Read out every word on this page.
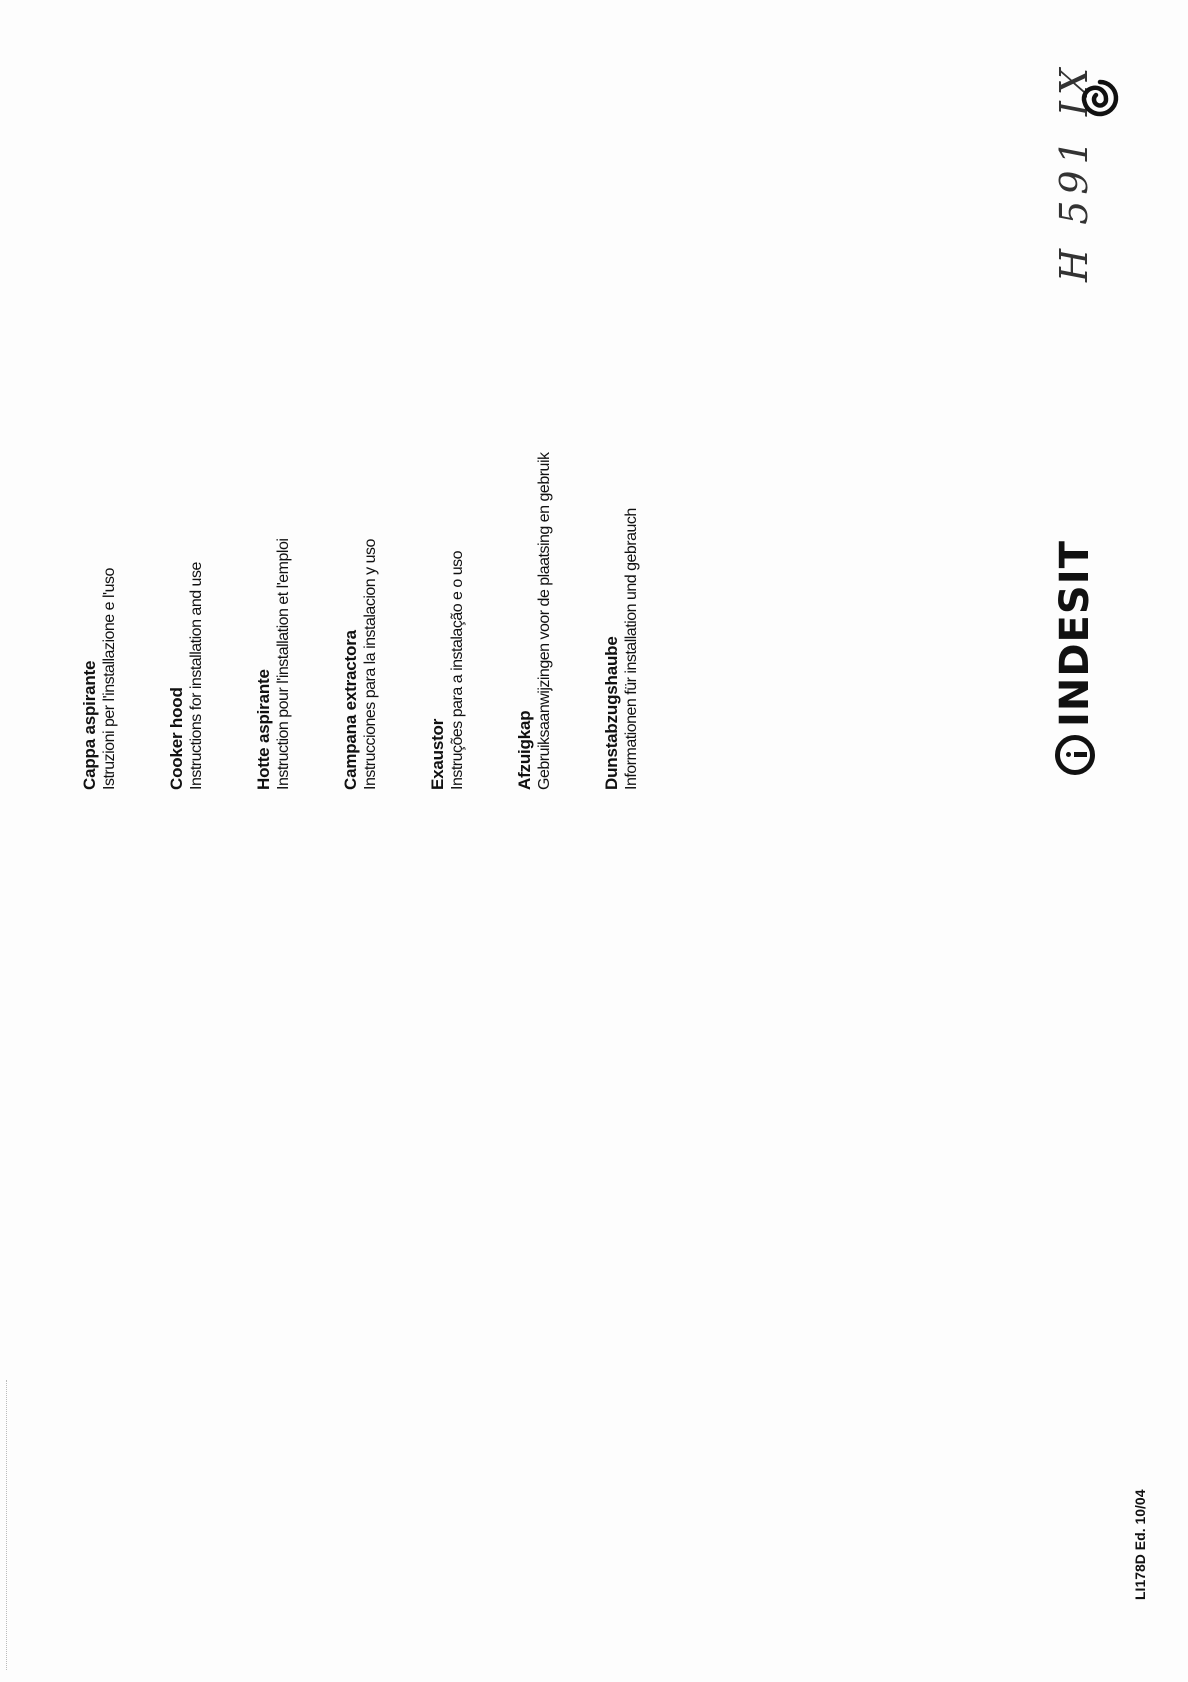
Cappa aspirante Istruzioni per l'installazione e l'uso	Cooker hood Instructions for installation and use	Hotte aspirante Instruction pour l'installation et l'emploi	Campana extractora Instrucciones para la instalacion y uso	Exaustor Instruções para a instalação e o uso	Afzuigkap Gebruiksaanwijzingen voor de plaatsing en gebruik	Dunstabzugshaube Informationen für installation und gebrauch
H 591 IX
INDESIT
LI178D Ed. 10/04
